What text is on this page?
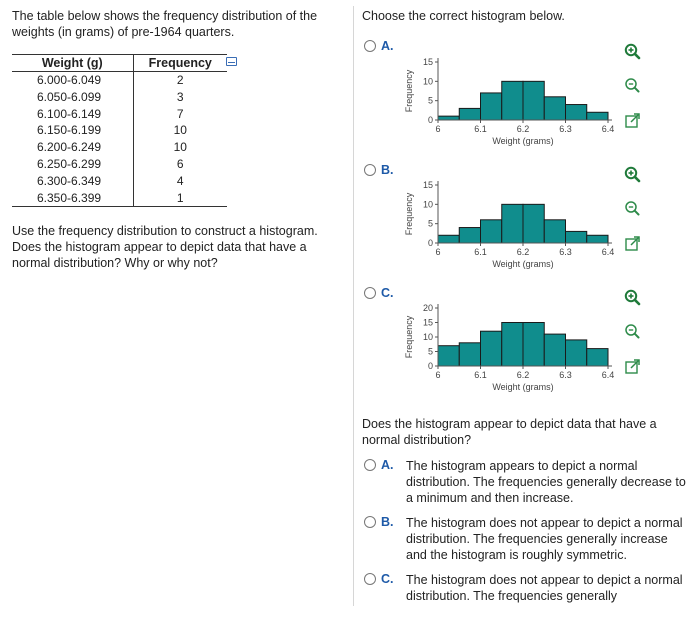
The table below shows the frequency distribution of the weights (in grams) of pre-1964 quarters.
Weight (g)	Frequency
6.000-6.049	2
6.050-6.099	3
6.100-6.149	7
6.150-6.199	10
6.200-6.249	10
6.250-6.299	6
6.300-6.349	4
6.350-6.399	1
Use the frequency distribution to construct a histogram. Does the histogram appear to depict data that have a normal distribution? Why or why not?
Choose the correct histogram below.
A.
Frequency
15
10
5
0
6	6.1	6.2	6.3	6.4
Weight (grams)
B.
Frequency
15
10
5
0
6	6.1	6.2	6.3	6.4
Weight (grams)
C.
Frequency
20
15
10
5
0
6	6.1	6.2	6.3	6.4
Weight (grams)
Does the histogram appear to depict data that have a normal distribution?
A. The histogram appears to depict a normal distribution. The frequencies generally decrease to a minimum and then increase.
B. The histogram does not appear to depict a normal distribution. The frequencies generally increase and the histogram is roughly symmetric.
C. The histogram does not appear to depict a normal distribution. The frequencies generally
